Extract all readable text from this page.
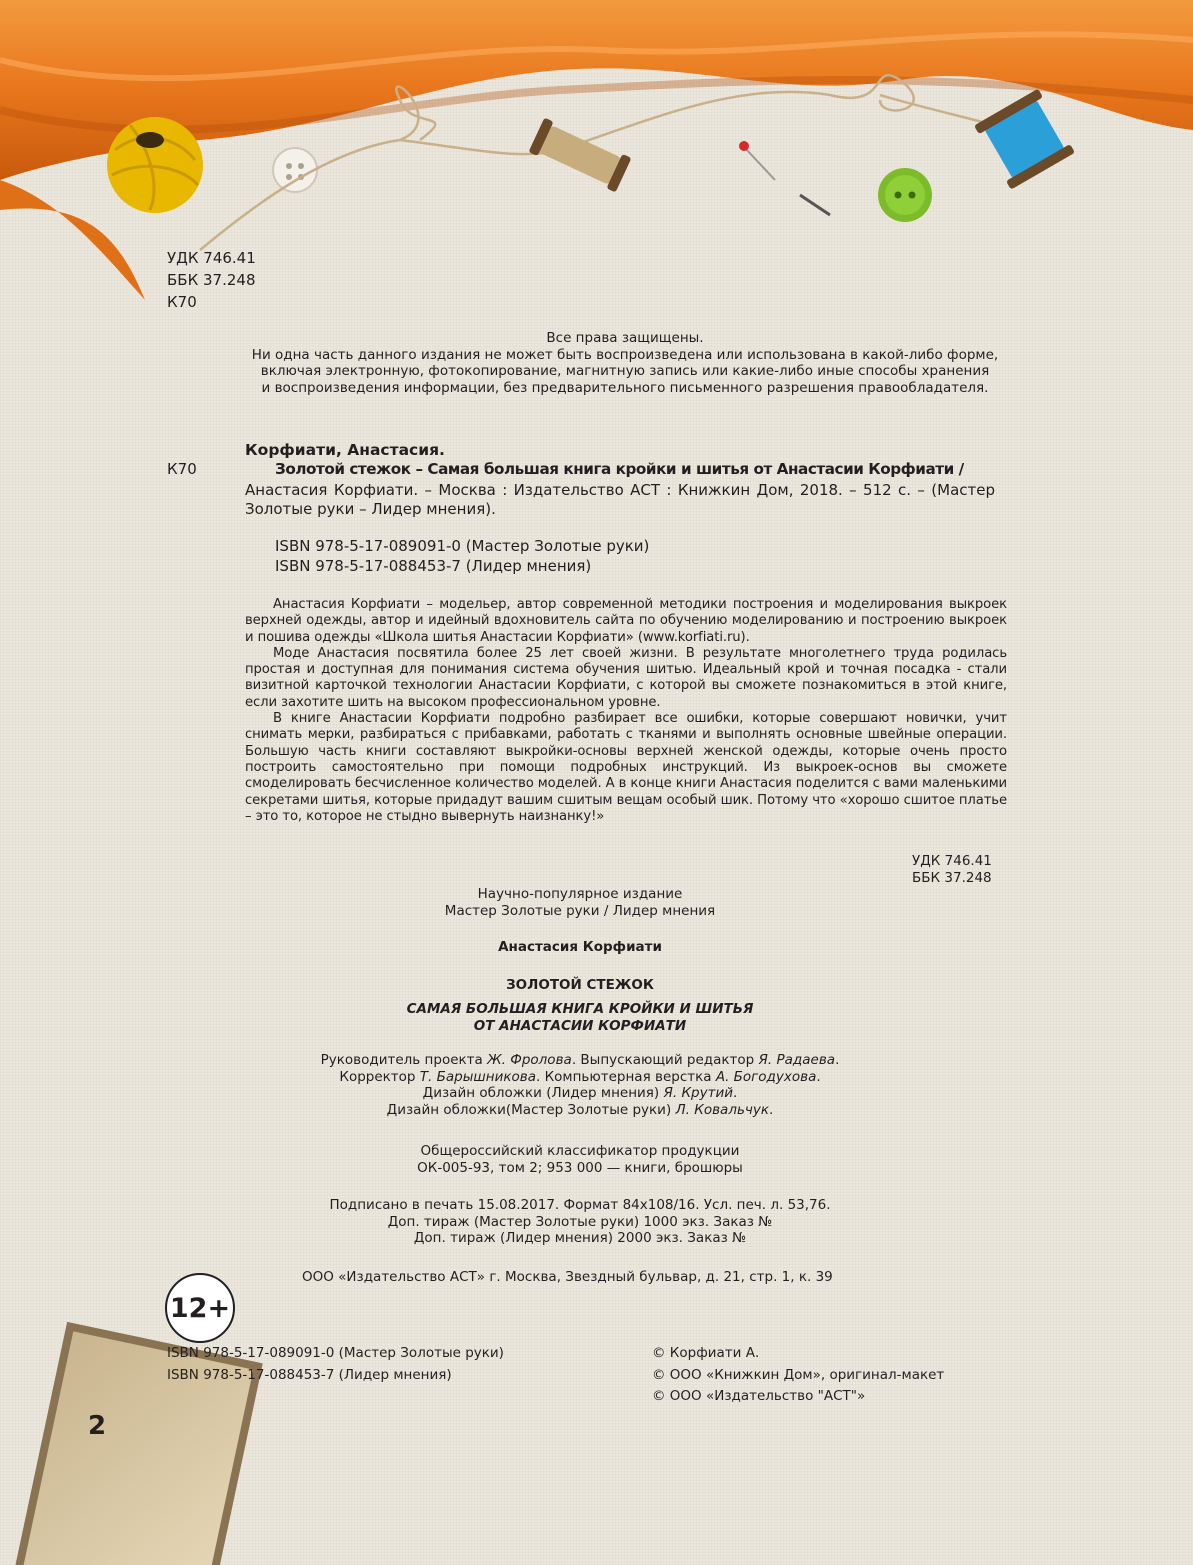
УДК 746.41
ББК 37.248
К70
Все права защищены.
Ни одна часть данного издания не может быть воспроизведена или использована в какой-либо форме,
включая электронную, фотокопирование, магнитную запись или какие-либо иные способы хранения
и воспроизведения информации, без предварительного письменного разрешения правообладателя.
Корфиати, Анастасия.
К70	Золотой стежок – Самая большая книга кройки и шитья от Анастасии Корфиати /
Анастасия Корфиати. – Москва : Издательство АСТ : Книжкин Дом, 2018. – 512 с. – (Мастер Золотые руки – Лидер мнения).
ISBN 978-5-17-089091-0 (Мастер Золотые руки)
ISBN 978-5-17-088453-7 (Лидер мнения)

Анастасия Корфиати – модельер, автор современной методики построения и моделирования выкроек верхней одежды, автор и идейный вдохновитель сайта по обучению моделированию и построению выкроек и пошива одежды «Школа шитья Анастасии Корфиати» (www.korfiati.ru).

Моде Анастасия посвятила более 25 лет своей жизни. В результате многолетнего труда родилась простая и доступная для понимания система обучения шитью. Идеальный крой и точная посадка - стали визитной карточкой технологии Анастасии Корфиати, с которой вы сможете познакомиться в этой книге, если захотите шить на высоком профессиональном уровне.

В книге Анастасии Корфиати подробно разбирает все ошибки, которые совершают новички, учит снимать мерки, разбираться с прибавками, работать с тканями и выполнять основные швейные операции. Большую часть книги составляют выкройки-основы верхней женской одежды, которые очень просто построить самостоятельно при помощи подробных инструкций. Из выкроек-основ вы сможете смоделировать бесчисленное количество моделей. А в конце книги Анастасия поделится с вами маленькими секретами шитья, которые придадут вашим сшитым вещам особый шик. Потому что «хорошо сшитое платье – это то, которое не стыдно вывернуть наизнанку!»

УДК 746.41
ББК 37.248
Научно-популярное издание
Мастер Золотые руки / Лидер мнения
Анастасия Корфиати
ЗОЛОТОЙ СТЕЖОК
САМАЯ БОЛЬШАЯ КНИГА КРОЙКИ И ШИТЬЯ
ОТ АНАСТАСИИ КОРФИАТИ
Руководитель проекта Ж. Фролова. Выпускающий редактор Я. Радаева.
Корректор Т. Барышникова. Компьютерная верстка А. Богодухова.
Дизайн обложки (Лидер мнения) Я. Крутий.
Дизайн обложки(Мастер Золотые руки) Л. Ковальчук.
Общероссийский классификатор продукции
ОК-005-93, том 2; 953 000 — книги, брошюры
Подписано в печать 15.08.2017. Формат 84x108/16. Усл. печ. л. 53,76.
Доп. тираж (Мастер Золотые руки) 1000 экз. Заказ №
Доп. тираж (Лидер мнения) 2000 экз. Заказ №
ООО «Издательство АСТ» г. Москва, Звездный бульвар, д. 21, стр. 1, к. 39
12+
ISBN 978-5-17-089091-0 (Мастер Золотые руки)
ISBN 978-5-17-088453-7 (Лидер мнения)
© Корфиати А.
© ООО «Книжкин Дом», оригинал-макет
© ООО «Издательство "АСТ"»
2
